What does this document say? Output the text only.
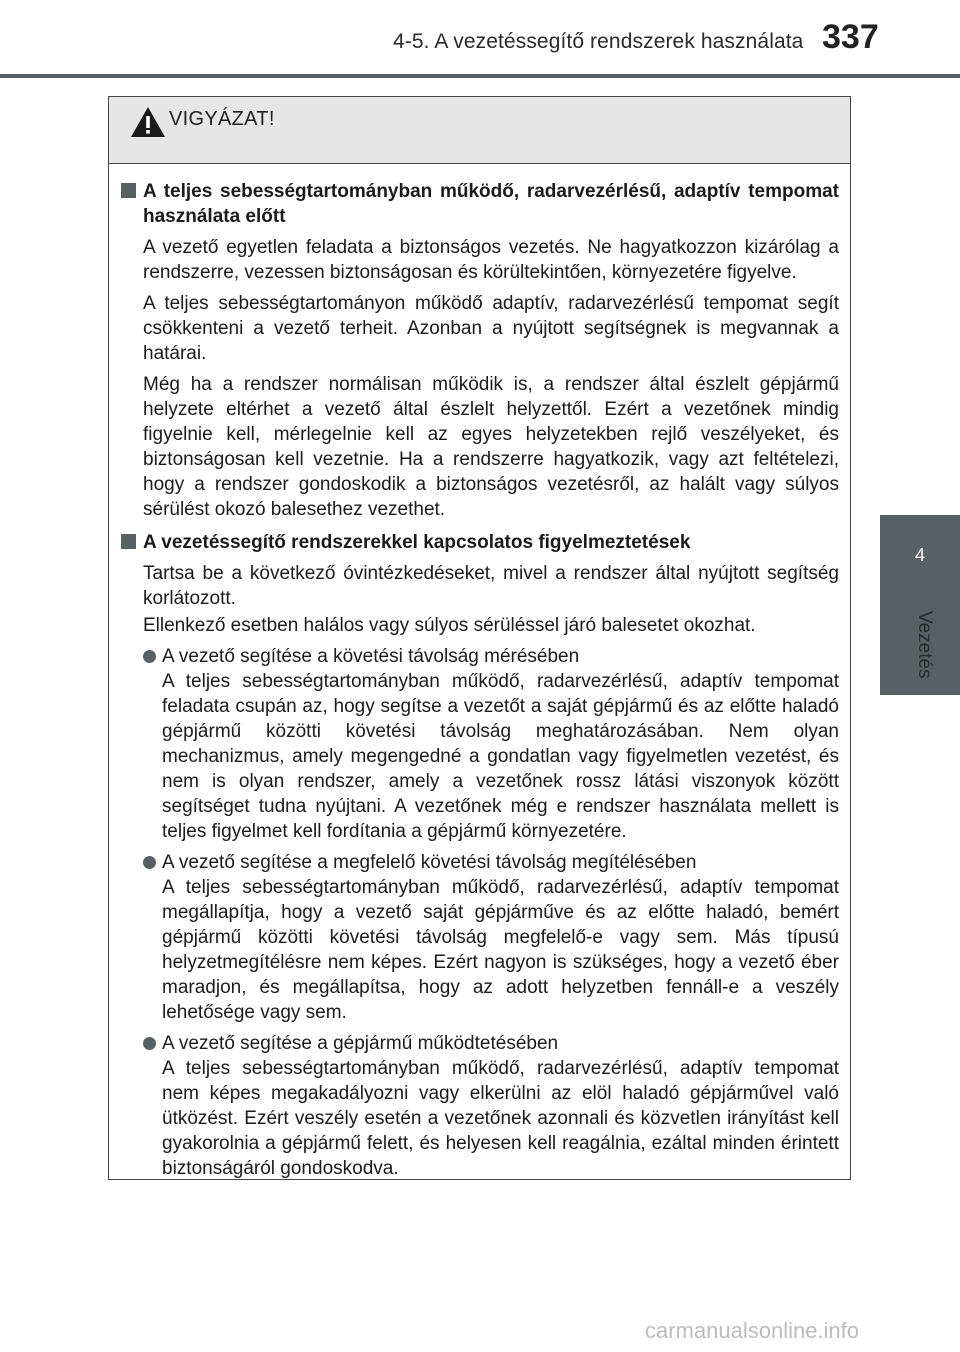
4-5. A vezetéssegítő rendszerek használata 337
4
Vezetés
VIGYÁZAT!

A teljes sebességtartományban működő, radarvezérlésű, adaptív tempomat használata előtt

A vezető egyetlen feladata a biztonságos vezetés. Ne hagyatkozzon kizárólag a rendszerre, vezessen biztonságosan és körültekintően, környezetére figyelve.

A teljes sebességtartományon működő adaptív, radarvezérlésű tempomat segít csökkenteni a vezető terheit. Azonban a nyújtott segítségnek is megvannak a határai.

Még ha a rendszer normálisan működik is, a rendszer által észlelt gépjármű helyzete eltérhet a vezető által észlelt helyzettől. Ezért a vezetőnek mindig figyelnie kell, mérlegelnie kell az egyes helyzetekben rejlő veszélyeket, és biztonságosan kell vezetnie. Ha a rendszerre hagyatkozik, vagy azt feltételezi, hogy a rendszer gondoskodik a biztonságos vezetésről, az halált vagy súlyos sérülést okozó balesethez vezethet.

A vezetéssegítő rendszerekkel kapcsolatos figyelmeztetések

Tartsa be a következő óvintézkedéseket, mivel a rendszer által nyújtott segítség korlátozott.

Ellenkező esetben halálos vagy súlyos sérüléssel járó balesetet okozhat.

A vezető segítése a követési távolság mérésében

A teljes sebességtartományban működő, radarvezérlésű, adaptív tempomat feladata csupán az, hogy segítse a vezetőt a saját gépjármű és az előtte haladó gépjármű közötti követési távolság meghatározásában. Nem olyan mechanizmus, amely megengedné a gondatlan vagy figyelmetlen vezetést, és nem is olyan rendszer, amely a vezetőnek rossz látási viszonyok között segítséget tudna nyújtani. A vezetőnek még e rendszer használata mellett is teljes figyelmet kell fordítania a gépjármű környezetére.

A vezető segítése a megfelelő követési távolság megítélésében

A teljes sebességtartományban működő, radarvezérlésű, adaptív tempomat megállapítja, hogy a vezető saját gépjárműve és az előtte haladó, bemért gépjármű közötti követési távolság megfelelő-e vagy sem. Más típusú helyzetmegítélésre nem képes. Ezért nagyon is szükséges, hogy a vezető éber maradjon, és megállapítsa, hogy az adott helyzetben fennáll-e a veszély lehetősége vagy sem.

A vezető segítése a gépjármű működtetésében

A teljes sebességtartományban működő, radarvezérlésű, adaptív tempomat nem képes megakadályozni vagy elkerülni az elöl haladó gépjárművel való ütközést. Ezért veszély esetén a vezetőnek azonnali és közvetlen irányítást kell gyakorolnia a gépjármű felett, és helyesen kell reagálnia, ezáltal minden érintett biztonságáról gondoskodva.

carmanualsonline.info
